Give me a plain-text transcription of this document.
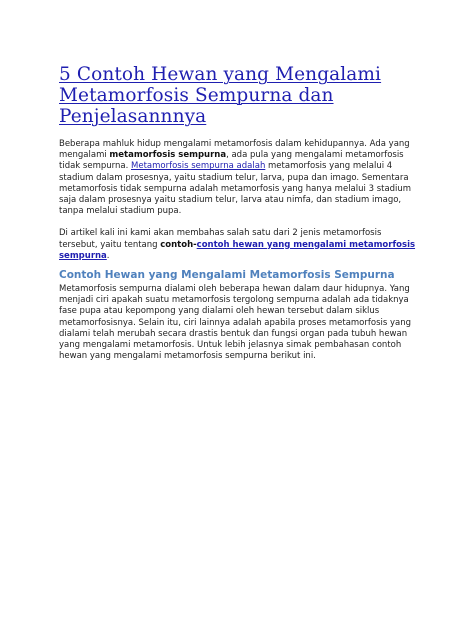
5 Contoh Hewan yang Mengalami
Metamorfosis Sempurna dan
Penjelasannnya

Beberapa mahluk hidup mengalami metamorfosis dalam kehidupannya. Ada yang mengalami metamorfosis sempurna, ada pula yang mengalami metamorfosis tidak sempurna. Metamorfosis sempurna adalah metamorfosis yang melalui 4 stadium dalam prosesnya, yaitu stadium telur, larva, pupa dan imago. Sementara metamorfosis tidak sempurna adalah metamorfosis yang hanya melalui 3 stadium saja dalam prosesnya yaitu stadium telur, larva atau nimfa, dan stadium imago, tanpa melalui stadium pupa.

Di artikel kali ini kami akan membahas salah satu dari 2 jenis metamorfosis tersebut, yaitu tentang contoh-contoh hewan yang mengalami metamorfosis sempurna.

Contoh Hewan yang Mengalami Metamorfosis Sempurna

Metamorfosis sempurna dialami oleh beberapa hewan dalam daur hidupnya. Yang menjadi ciri apakah suatu metamorfosis tergolong sempurna adalah ada tidaknya fase pupa atau kepompong yang dialami oleh hewan tersebut dalam siklus metamorfosisnya. Selain itu, ciri lainnya adalah apabila proses metamorfosis yang dialami telah merubah secara drastis bentuk dan fungsi organ pada tubuh hewan yang mengalami metamorfosis. Untuk lebih jelasnya simak pembahasan contoh hewan yang mengalami metamorfosis sempurna berikut ini.
